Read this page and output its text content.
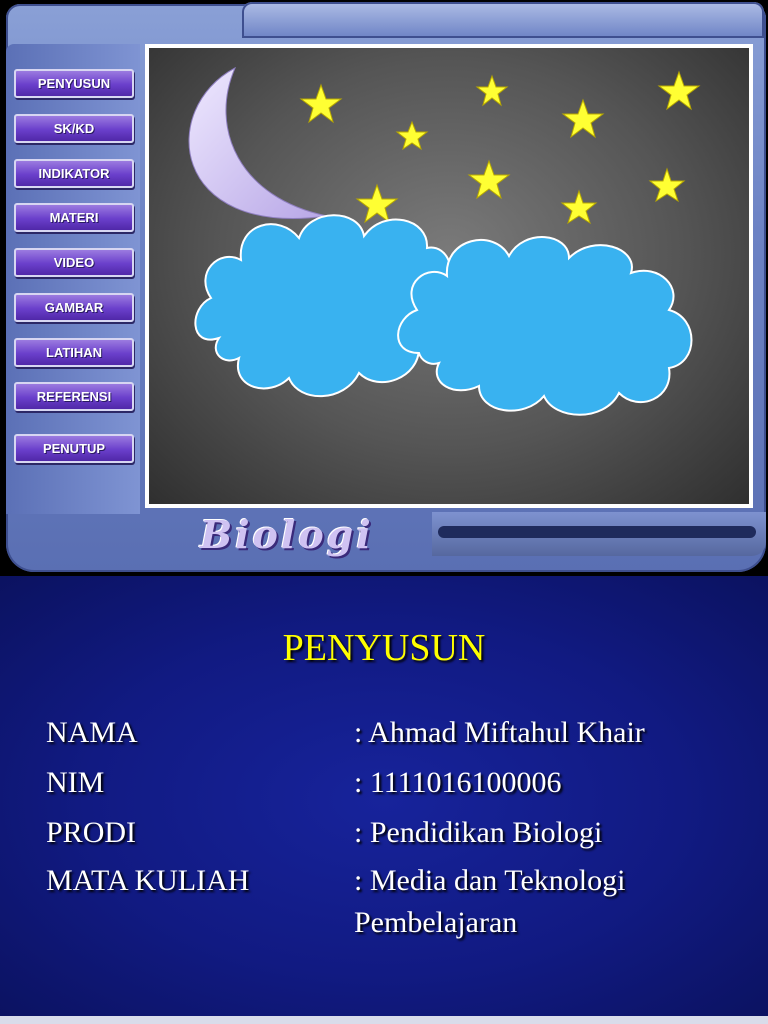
PENYUSUN
SK/KD
INDIKATOR
MATERI
VIDEO
GAMBAR
LATIHAN
REFERENSI
PENUTUP
Biologi
PENYUSUN
NAMA	: Ahmad Miftahul Khair
NIM	: 1111016100006
PRODI	: Pendidikan Biologi
MATA KULIAH	: Media dan Teknologi Pembelajaran
